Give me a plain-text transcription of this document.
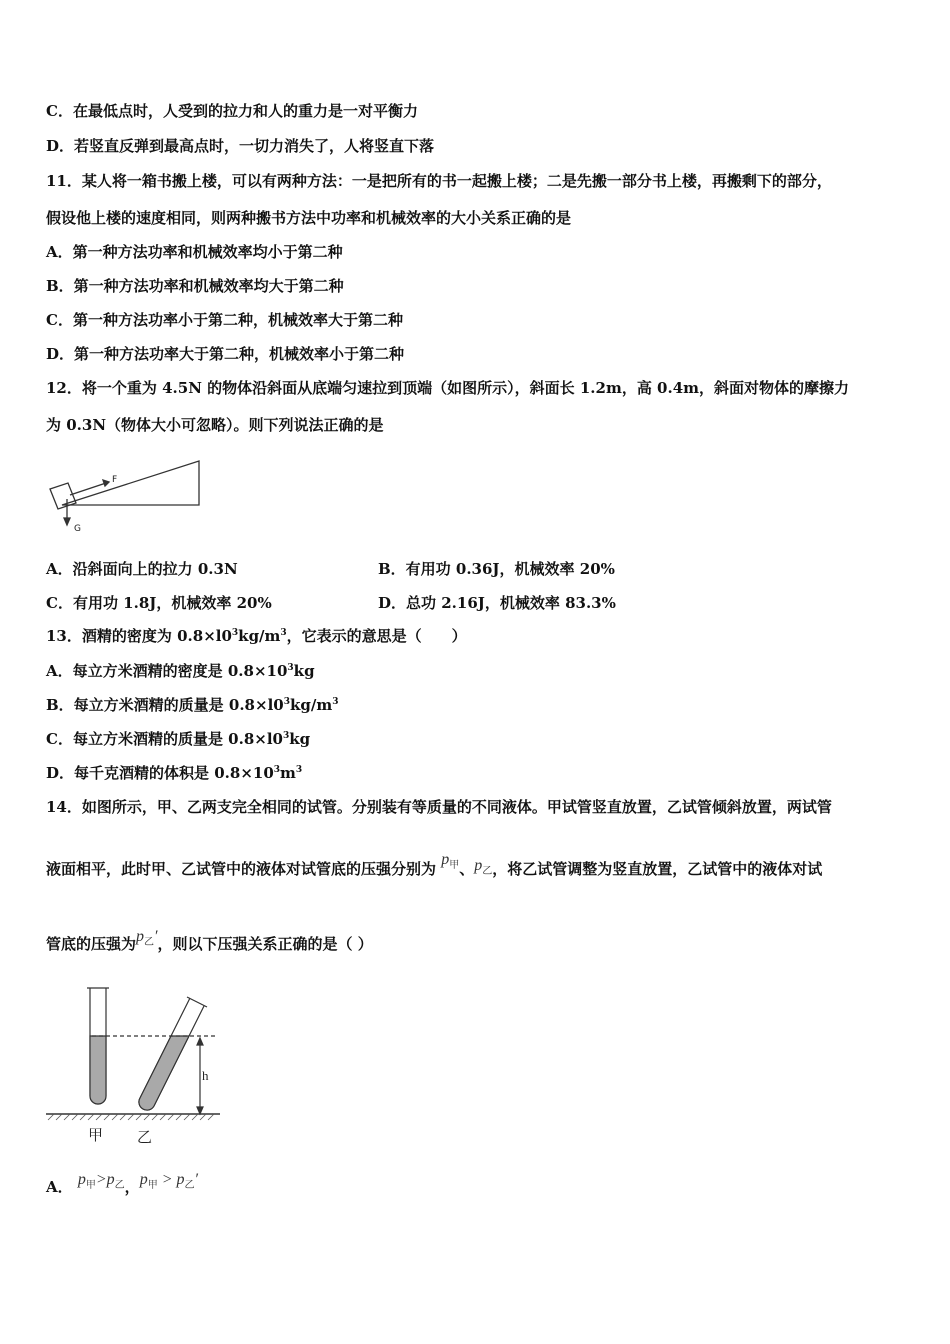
C．在最低点时，人受到的拉力和人的重力是一对平衡力
D．若竖直反弹到最高点时，一切力消失了，人将竖直下落
11．某人将一箱书搬上楼，可以有两种方法：一是把所有的书一起搬上楼；二是先搬一部分书上楼，再搬剩下的部分，
假设他上楼的速度相同，则两种搬书方法中功率和机械效率的大小关系正确的是
A．第一种方法功率和机械效率均小于第二种
B．第一种方法功率和机械效率均大于第二种
C．第一种方法功率小于第二种，机械效率大于第二种
D．第一种方法功率大于第二种，机械效率小于第二种
12．将一个重为 4.5N 的物体沿斜面从底端匀速拉到顶端（如图所示），斜面长 1.2m，高 0.4m，斜面对物体的摩擦力
为 0.3N（物体大小可忽略）。则下列说法正确的是
F
G
A．沿斜面向上的拉力 0.3N	B．有用功 0.36J，机械效率 20%
C．有用功 1.8J，机械效率 20%	D．总功 2.16J，机械效率 83.3%
13．酒精的密度为 $0.8\times l0^3kg/m^3$，它表示的意思是（　　）
A．每立方米酒精的密度是 $0.8\times 10^3kg$
B．每立方米酒精的质量是 $0.8\times l0^3kg/m^3$
C．每立方米酒精的质量是 $0.8\times l0^3kg$
D．每千克酒精的体积是 $0.8\times 10^3m^3$
14．如图所示，甲、乙两支完全相同的试管。分别装有等质量的不同液体。甲试管竖直放置，乙试管倾斜放置，两试管
液面相平，此时甲、乙试管中的液体对试管底的压强分别为 $p_甲$、$p_乙$，将乙试管调整为竖直放置，乙试管中的液体对试
管底的压强为$p_乙'$，则以下压强关系正确的是（ ）
h
甲 乙
A． $p_甲>p_乙$，$p_甲 > p_乙'$
